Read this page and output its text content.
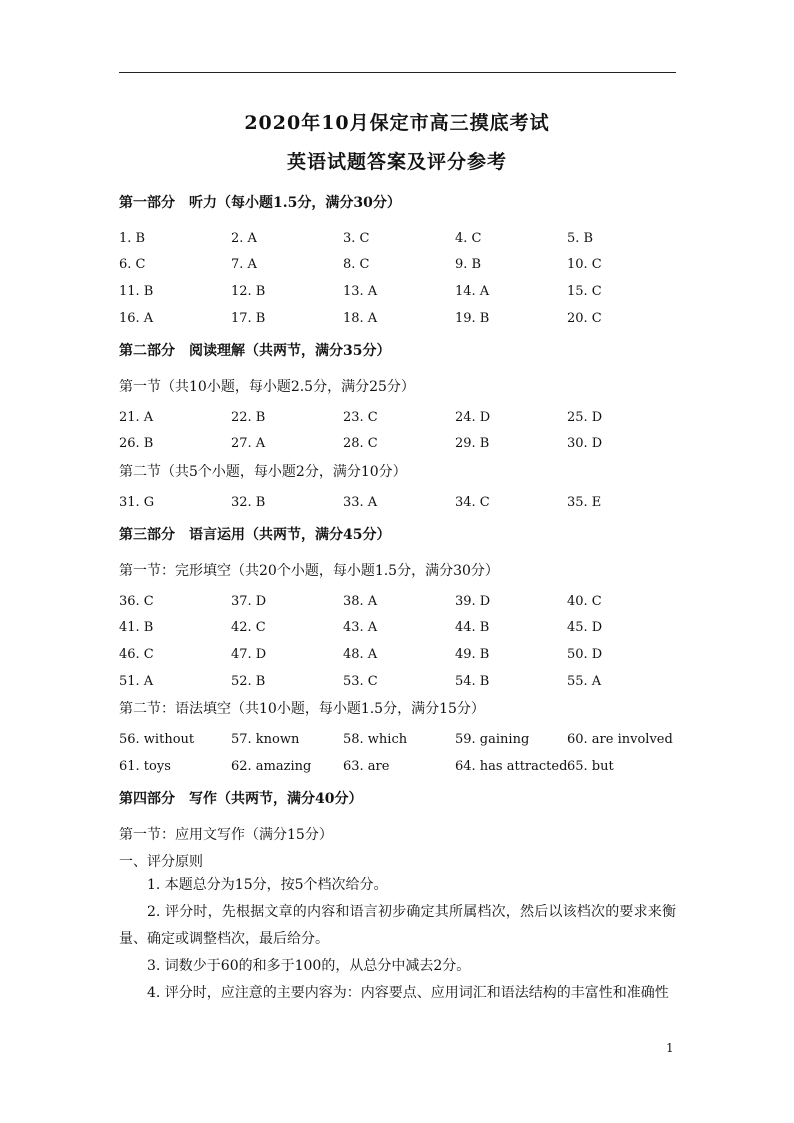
2020年10月保定市高三摸底考试
英语试题答案及评分参考
第一部分　听力（每小题1.5分，满分30分）
1. B	2. A	3. C	4. C	5. B
6. C	7. A	8. C	9. B	10. C
11. B	12. B	13. A	14. A	15. C
16. A	17. B	18. A	19. B	20. C
第二部分　阅读理解（共两节，满分35分）
第一节（共10小题，每小题2.5分，满分25分）
21. A	22. B	23. C	24. D	25. D
26. B	27. A	28. C	29. B	30. D
第二节（共5个小题，每小题2分，满分10分）
31. G	32. B	33. A	34. C	35. E
第三部分　语言运用（共两节，满分45分）
第一节：完形填空（共20个小题，每小题1.5分，满分30分）
36. C	37. D	38. A	39. D	40. C
41. B	42. C	43. A	44. B	45. D
46. C	47. D	48. A	49. B	50. D
51. A	52. B	53. C	54. B	55. A
第二节：语法填空（共10小题，每小题1.5分，满分15分）
56. without	57. known	58. which	59. gaining	60. are involved
61. toys	62. amazing 63. are	64. has attracted 65. but
第四部分　写作（共两节，满分40分）
第一节：应用文写作（满分15分）
一、评分原则
1. 本题总分为15分，按5个档次给分。
2. 评分时，先根据文章的内容和语言初步确定其所属档次，然后以该档次的要求来衡量、确定或调整档次，最后给分。
3. 词数少于60的和多于100的，从总分中减去2分。
4. 评分时，应注意的主要内容为：内容要点、应用词汇和语法结构的丰富性和准确性
1
